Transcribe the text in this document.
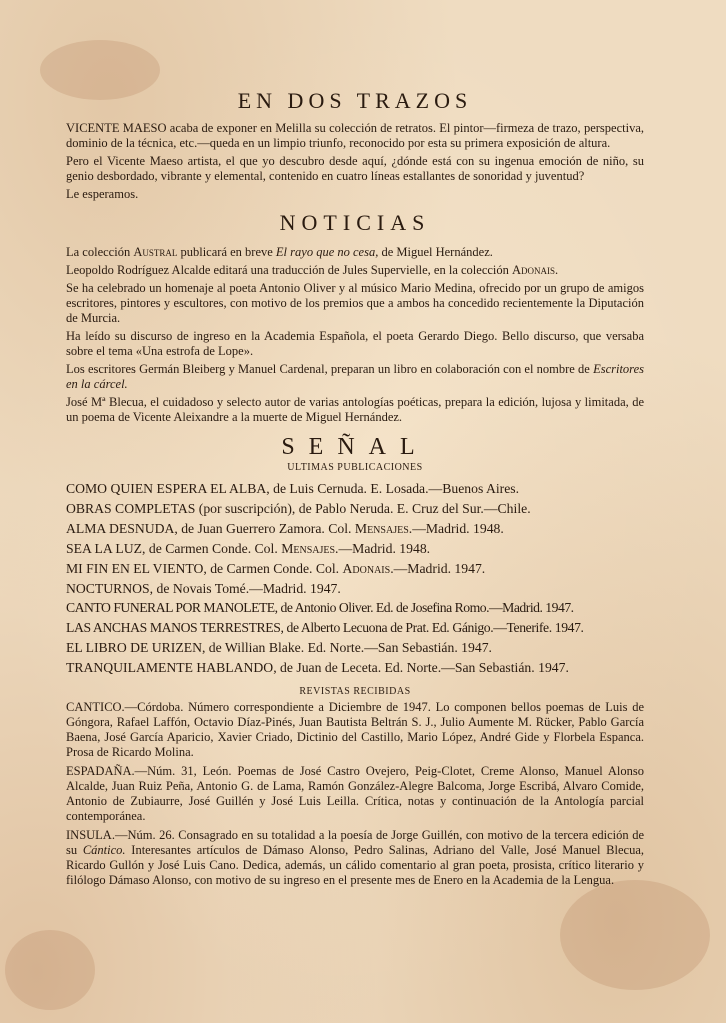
EN DOS TRAZOS

VICENTE MAESO acaba de exponer en Melilla su colección de retratos. El pintor—firmeza de trazo, perspectiva, dominio de la técnica, etc.—queda en un limpio triunfo, reconocido por esta su primera exposición de altura.

Pero el Vicente Maeso artista, el que yo descubro desde aquí, ¿dónde está con su ingenua emoción de niño, su genio desbordado, vibrante y elemental, contenido en cuatro líneas estallantes de sonoridad y juventud?

Le esperamos.

NOTICIAS

La colección Austral publicará en breve El rayo que no cesa, de Miguel Hernández.

Leopoldo Rodríguez Alcalde editará una traducción de Jules Supervielle, en la colección Adonais.

Se ha celebrado un homenaje al poeta Antonio Oliver y al músico Mario Medina, ofrecido por un grupo de amigos escritores, pintores y escultores, con motivo de los premios que a ambos ha concedido recientemente la Diputación de Murcia.

Ha leído su discurso de ingreso en la Academia Española, el poeta Gerardo Diego. Bello discurso, que versaba sobre el tema «Una estrofa de Lope».

Los escritores Germán Bleiberg y Manuel Cardenal, preparan un libro en colaboración con el nombre de Escritores en la cárcel.

José Mª Blecua, el cuidadoso y selecto autor de varias antologías poéticas, prepara la edición, lujosa y limitada, de un poema de Vicente Aleixandre a la muerte de Miguel Hernández.

SEÑAL
ULTIMAS PUBLICACIONES

COMO QUIEN ESPERA EL ALBA, de Luis Cernuda. E. Losada.—Buenos Aires.

OBRAS COMPLETAS (por suscripción), de Pablo Neruda. E. Cruz del Sur.—Chile.

ALMA DESNUDA, de Juan Guerrero Zamora. Col. Mensajes.—Madrid. 1948.

SEA LA LUZ, de Carmen Conde. Col. Mensajes.—Madrid. 1948.

MI FIN EN EL VIENTO, de Carmen Conde. Col. Adonais.—Madrid. 1947.

NOCTURNOS, de Novais Tomé.—Madrid. 1947.

CANTO FUNERAL POR MANOLETE, de Antonio Oliver. Ed. de Josefina Romo.—Madrid. 1947.

LAS ANCHAS MANOS TERRESTRES, de Alberto Lecuona de Prat. Ed. Gánigo.—Tenerife. 1947.

EL LIBRO DE URIZEN, de Willian Blake. Ed. Norte.—San Sebastián. 1947.

TRANQUILAMENTE HABLANDO, de Juan de Leceta. Ed. Norte.—San Sebastián. 1947.

REVISTAS RECIBIDAS

CANTICO.—Córdoba. Número correspondiente a Diciembre de 1947. Lo componen bellos poemas de Luis de Góngora, Rafael Laffón, Octavio Díaz-Pinés, Juan Bautista Beltrán S. J., Julio Aumente M. Rücker, Pablo García Baena, José García Aparicio, Xavier Criado, Dictinio del Castillo, Mario López, André Gide y Florbela Espanca. Prosa de Ricardo Molina.

ESPADAÑA.—Núm. 31, León. Poemas de José Castro Ovejero, Peig-Clotet, Creme Alonso, Manuel Alonso Alcalde, Juan Ruiz Peña, Antonio G. de Lama, Ramón González-Alegre Balcoma, Jorge Escribá, Alvaro Comide, Antonio de Zubiaurre, José Guillén y José Luis Leilla. Crítica, notas y continuación de la Antología parcial contemporánea.

INSULA.—Núm. 26. Consagrado en su totalidad a la poesía de Jorge Guillén, con motivo de la tercera edición de su Cántico. Interesantes artículos de Dámaso Alonso, Pedro Salinas, Adriano del Valle, José Manuel Blecua, Ricardo Gullón y José Luis Cano. Dedica, además, un cálido comentario al gran poeta, prosista, crítico literario y filólogo Dámaso Alonso, con motivo de su ingreso en el presente mes de Enero en la Academia de la Lengua.
